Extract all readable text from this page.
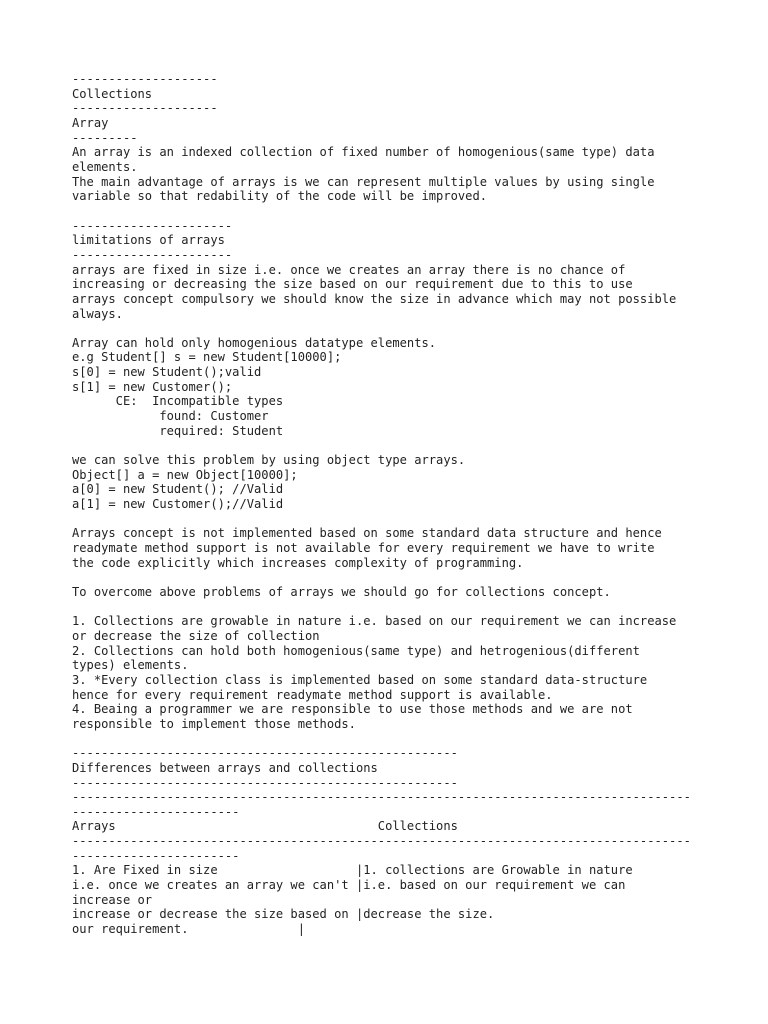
--------------------
Collections
--------------------
Array
---------
An array is an indexed collection of fixed number of homogenious(same type) data
elements.
The main advantage of arrays is we can represent multiple values by using single
variable so that redability of the code will be improved.

----------------------
limitations of arrays
----------------------
arrays are fixed in size i.e. once we creates an array there is no chance of
increasing or decreasing the size based on our requirement due to this to use
arrays concept compulsory we should know the size in advance which may not possible
always.

Array can hold only homogenious datatype elements.
e.g Student[] s = new Student[10000];
s[0] = new Student();valid
s[1] = new Customer();
CE:  Incompatible types
found: Customer
required: Student

we can solve this problem by using object type arrays.
Object[] a = new Object[10000];
a[0] = new Student(); //Valid
a[1] = new Customer();//Valid

Arrays concept is not implemented based on some standard data structure and hence
readymate method support is not available for every requirement we have to write
the code explicitly which increases complexity of programming.

To overcome above problems of arrays we should go for collections concept.

1. Collections are growable in nature i.e. based on our requirement we can increase
or decrease the size of collection
2. Collections can hold both homogenious(same type) and hetrogenious(different
types) elements.
3. *Every collection class is implemented based on some standard data-structure
hence for every requirement readymate method support is available.
4. Beaing a programmer we are responsible to use those methods and we are not
responsible to implement those methods.

-----------------------------------------------------
Differences between arrays and collections
-----------------------------------------------------
-------------------------------------------------------------------------------------
-----------------------
Arrays                                    Collections
-------------------------------------------------------------------------------------
-----------------------
1. Are Fixed in size                   |1. collections are Growable in nature
i.e. once we creates an array we can't |i.e. based on our requirement we can
increase or
increase or decrease the size based on |decrease the size.
our requirement.               |
